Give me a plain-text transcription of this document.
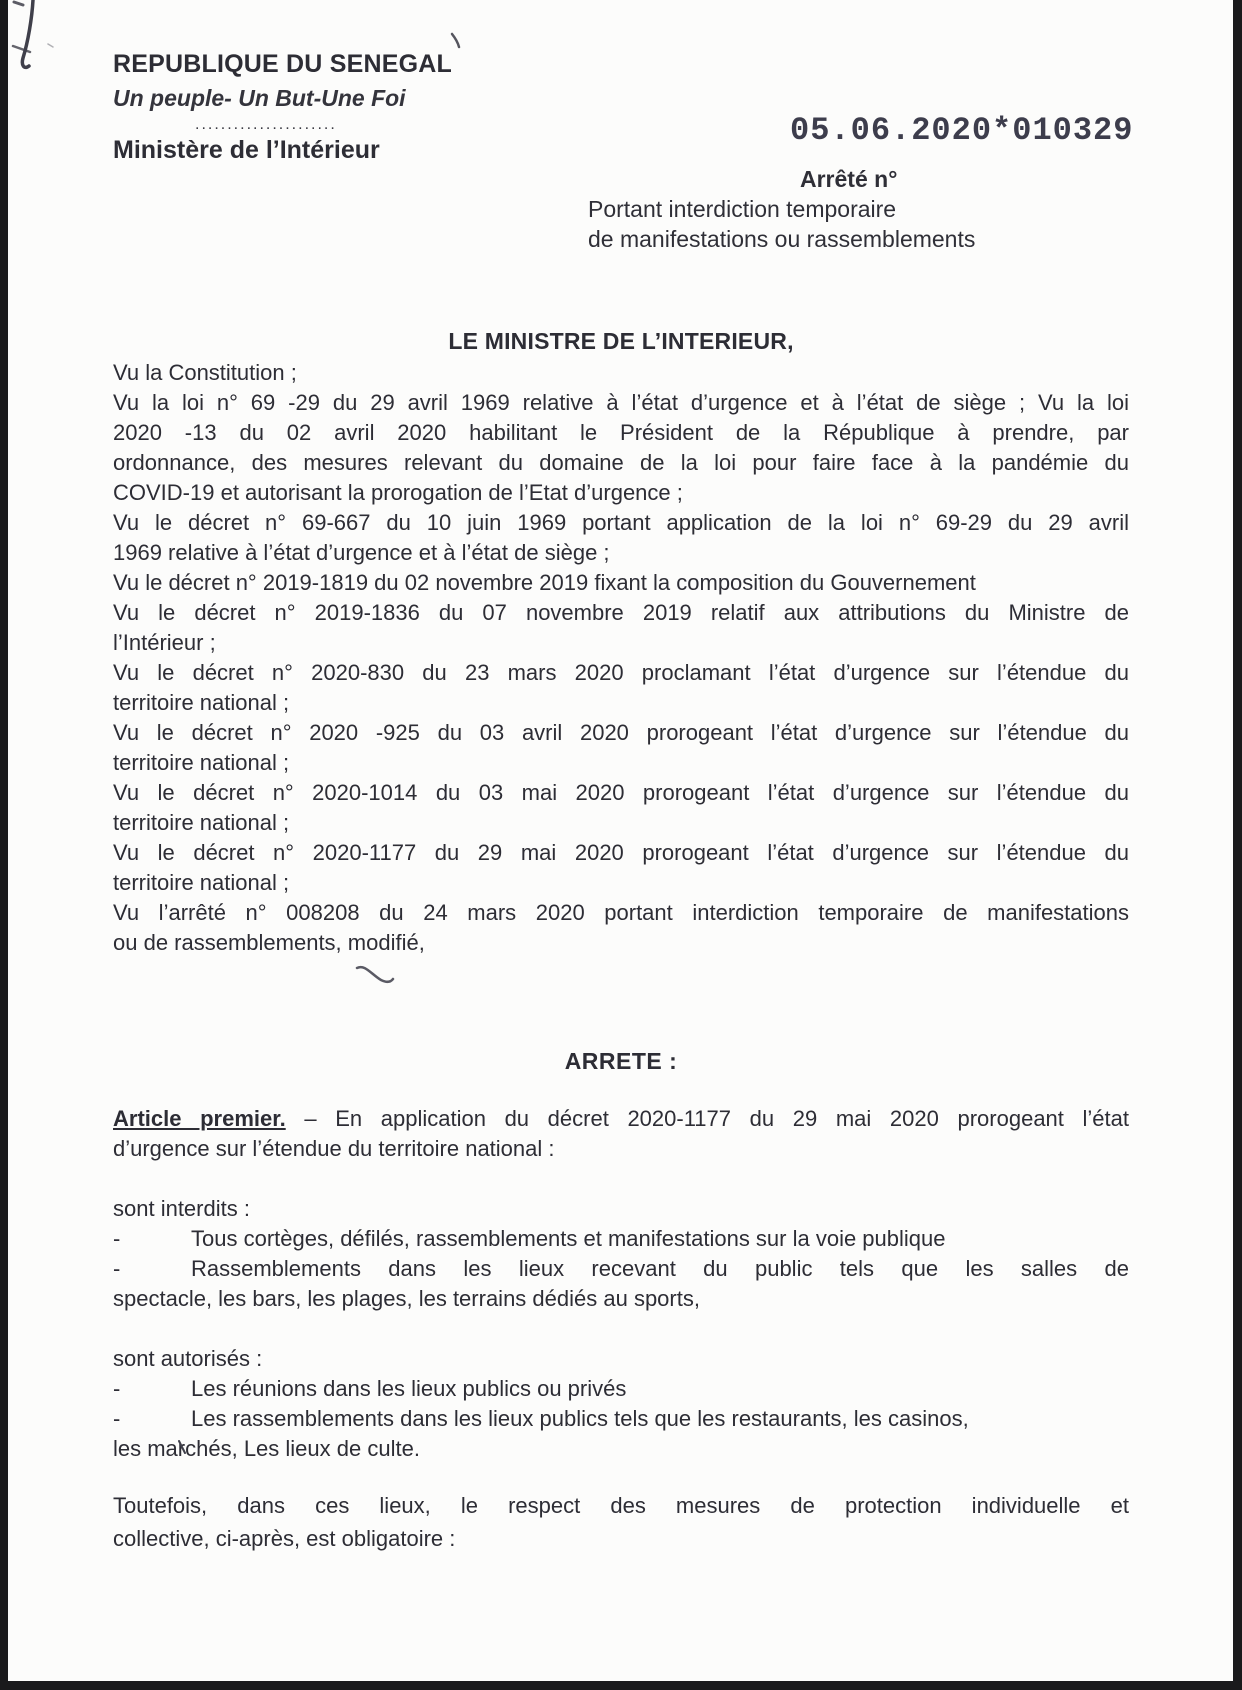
REPUBLIQUE DU SENEGAL
Un peuple- Un But-Une Foi
......................
Ministère de l’Intérieur
05.06.2020*010329
Arrêté n°
Portant interdiction temporaire
de manifestations ou rassemblements
LE MINISTRE DE L’INTERIEUR,
Vu la Constitution ;
Vu la loi n° 69 -29 du 29 avril 1969 relative à l’état d’urgence et à l’état de siège ; Vu la loi
2020 -13 du 02 avril 2020 habilitant le Président de la République à prendre, par
ordonnance, des mesures relevant du domaine de la loi pour faire face à la pandémie du
COVID-19 et autorisant la prorogation de l’Etat d’urgence ;
Vu le décret n° 69-667 du 10 juin 1969 portant application de la loi n° 69-29 du 29 avril
1969 relative à l’état d’urgence et à l’état de siège ;
Vu le décret n° 2019-1819 du 02 novembre 2019 fixant la composition du Gouvernement
Vu le décret n° 2019-1836 du 07 novembre 2019 relatif aux attributions du Ministre de
l’Intérieur ;
Vu le décret n° 2020-830 du 23 mars 2020 proclamant l’état d’urgence sur l’étendue du
territoire national ;
Vu le décret n° 2020 -925 du 03 avril 2020 prorogeant l’état d’urgence sur l’étendue du
territoire national ;
Vu le décret n° 2020-1014 du 03 mai 2020 prorogeant l’état d’urgence sur l’étendue du
territoire national ;
Vu le décret n° 2020-1177 du 29 mai 2020 prorogeant l’état d’urgence sur l’étendue du
territoire national ;
Vu l’arrêté n° 008208 du 24 mars 2020 portant interdiction temporaire de manifestations
ou de rassemblements, modifié,
ARRETE :
Article premier. – En application du décret 2020-1177 du 29 mai 2020 prorogeant l’état
d’urgence sur l’étendue du territoire national :
sont interdits :
-	Tous cortèges, défilés, rassemblements et manifestations sur la voie publique
-	Rassemblements dans les lieux recevant du public tels que les salles de
spectacle, les bars, les plages, les terrains dédiés au sports,
sont autorisés :
-	Les réunions dans les lieux publics ou privés
-	Les rassemblements dans les lieux publics tels que les restaurants, les casinos,
les marchés, Les lieux de culte.
Toutefois, dans ces lieux, le respect des mesures de protection individuelle et
collective, ci-après, est obligatoire :
